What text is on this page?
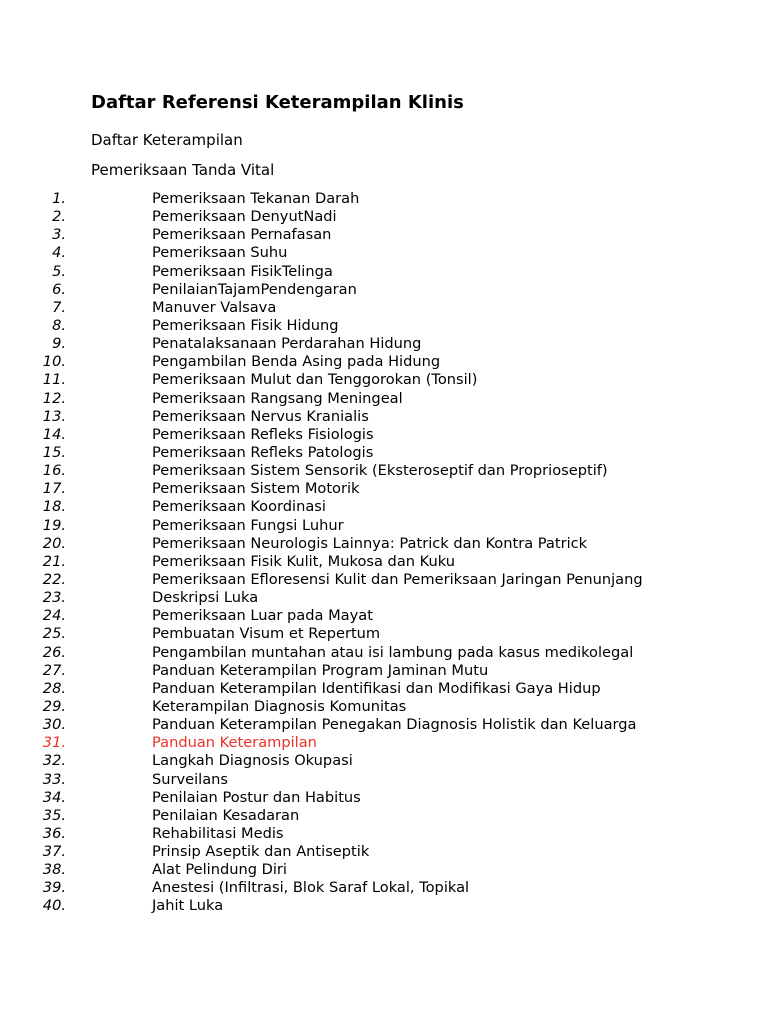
Daftar Referensi Keterampilan Klinis
Daftar Keterampilan
Pemeriksaan Tanda Vital
1.	Pemeriksaan Tekanan Darah
2.	Pemeriksaan DenyutNadi
3.	Pemeriksaan Pernafasan
4.	Pemeriksaan Suhu
5.	Pemeriksaan FisikTelinga
6.	PenilaianTajamPendengaran
7.	Manuver Valsava
8.	Pemeriksaan Fisik Hidung
9.	Penatalaksanaan Perdarahan Hidung
10.	Pengambilan Benda Asing pada Hidung
11.	Pemeriksaan Mulut dan Tenggorokan (Tonsil)
12.	Pemeriksaan Rangsang Meningeal
13.	Pemeriksaan Nervus Kranialis
14.	Pemeriksaan Refleks Fisiologis
15.	Pemeriksaan Refleks Patologis
16.	Pemeriksaan Sistem Sensorik (Eksteroseptif dan Proprioseptif)
17.	Pemeriksaan Sistem Motorik
18.	Pemeriksaan Koordinasi
19.	Pemeriksaan Fungsi Luhur
20.	Pemeriksaan Neurologis Lainnya: Patrick dan Kontra Patrick
21.	Pemeriksaan Fisik Kulit, Mukosa dan Kuku
22.	Pemeriksaan Efloresensi Kulit dan Pemeriksaan Jaringan Penunjang
23.	Deskripsi Luka
24.	Pemeriksaan Luar pada Mayat
25.	Pembuatan Visum et Repertum
26.	Pengambilan muntahan atau isi lambung pada kasus medikolegal
27.	Panduan Keterampilan Program Jaminan Mutu
28.	Panduan Keterampilan Identifikasi dan Modifikasi Gaya Hidup
29.	Keterampilan Diagnosis Komunitas
30.	Panduan Keterampilan Penegakan Diagnosis Holistik dan Keluarga
31.	Panduan Keterampilan
32.	Langkah Diagnosis Okupasi
33.	Surveilans
34.	Penilaian Postur dan Habitus
35.	Penilaian Kesadaran
36.	Rehabilitasi Medis
37.	Prinsip Aseptik dan Antiseptik
38.	Alat Pelindung Diri
39.	Anestesi (Infiltrasi, Blok Saraf Lokal, Topikal
40.	Jahit Luka
